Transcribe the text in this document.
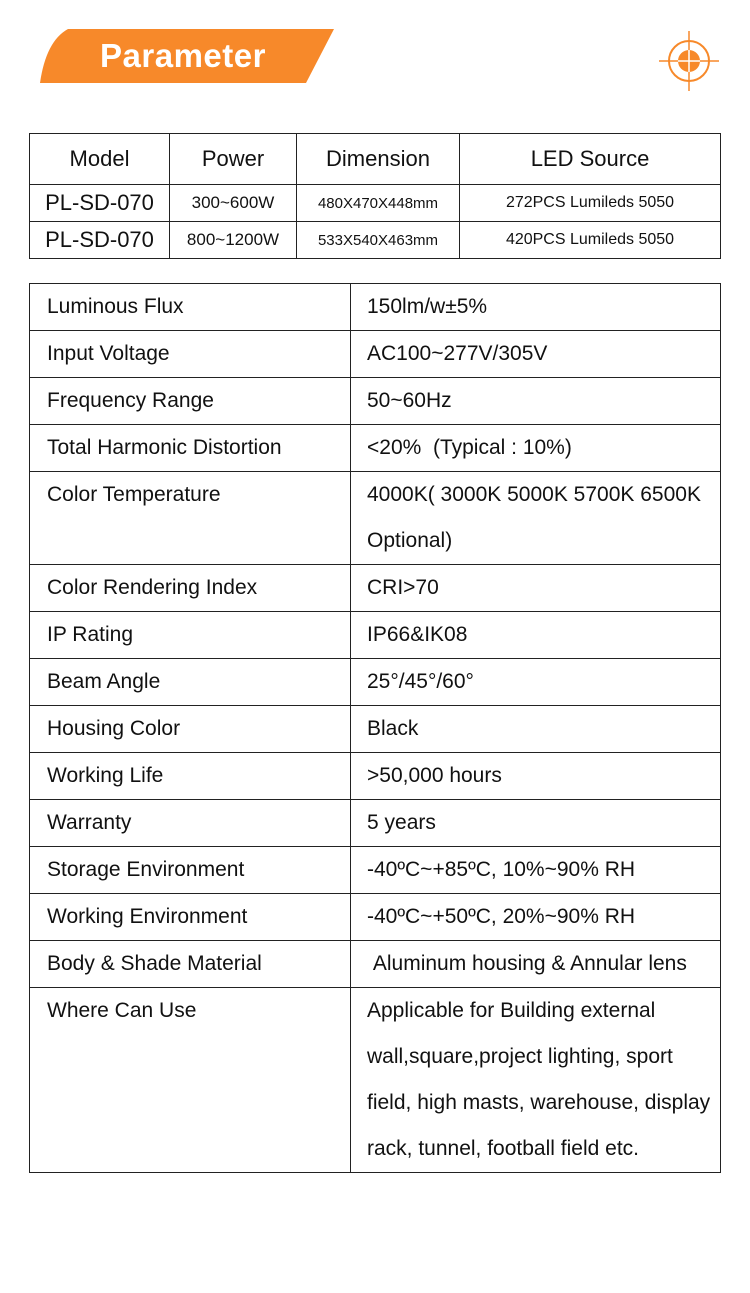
Parameter
Model	Power	Dimension	LED Source
PL-SD-070	300~600W	480X470X448mm	272PCS Lumileds 5050
PL-SD-070	800~1200W	533X540X463mm	420PCS Lumileds 5050
Luminous Flux	150lm/w±5%
Input Voltage	AC100~277V/305V
Frequency Range	50~60Hz
Total Harmonic Distortion	<20%  (Typical : 10%)
Color Temperature	4000K( 3000K 5000K 5700K 6500K Optional)
Color Rendering Index	CRI>70
IP Rating	IP66&IK08
Beam Angle	25°/45°/60°
Housing Color	Black
Working Life	>50,000 hours
Warranty	5 years
Storage Environment	-40ºC~+85ºC, 10%~90% RH
Working Environment	-40ºC~+50ºC, 20%~90% RH
Body & Shade Material	Aluminum housing & Annular lens
Where Can Use	Applicable for Building external wall,square,project lighting, sport field, high masts, warehouse, display rack, tunnel, football field etc.
